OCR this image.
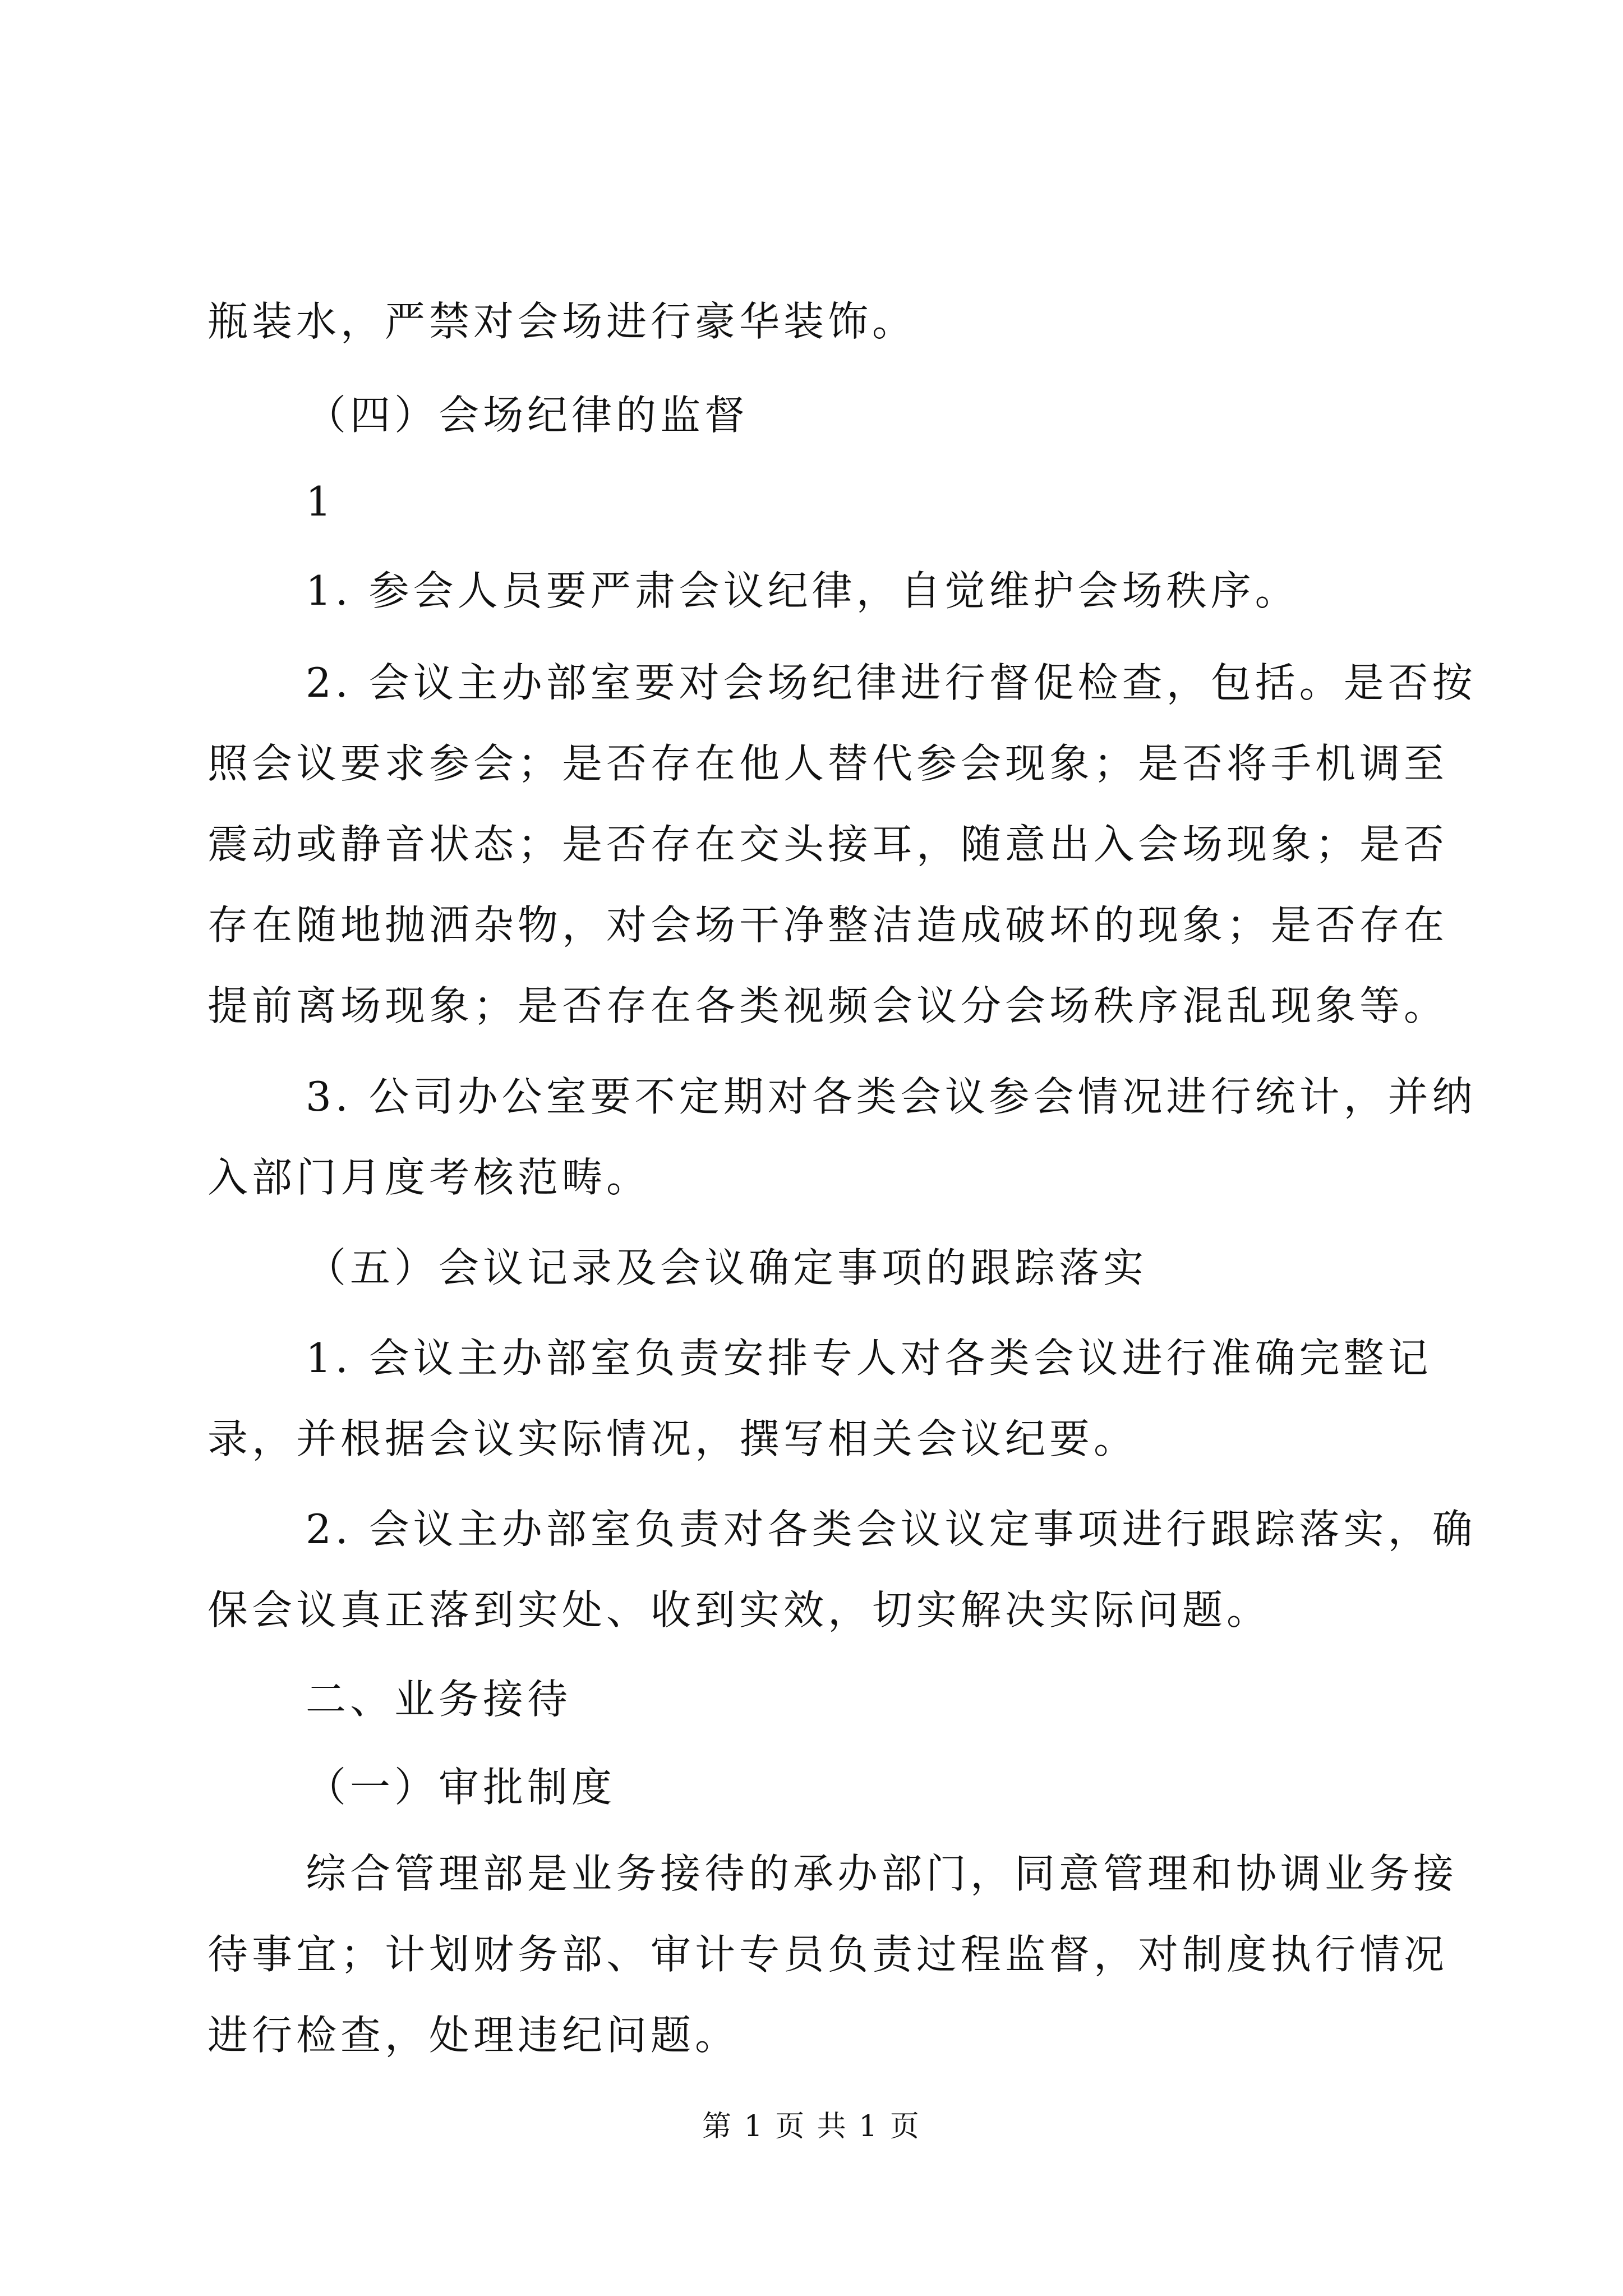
瓶装水，严禁对会场进行豪华装饰。
（四）会场纪律的监督
1
1. 参会人员要严肃会议纪律，自觉维护会场秩序。
2. 会议主办部室要对会场纪律进行督促检查，包括。是否按
照会议要求参会；是否存在他人替代参会现象；是否将手机调至
震动或静音状态；是否存在交头接耳，随意出入会场现象；是否
存在随地抛洒杂物，对会场干净整洁造成破坏的现象；是否存在
提前离场现象；是否存在各类视频会议分会场秩序混乱现象等。
3. 公司办公室要不定期对各类会议参会情况进行统计，并纳
入部门月度考核范畴。
（五）会议记录及会议确定事项的跟踪落实
1. 会议主办部室负责安排专人对各类会议进行准确完整记
录，并根据会议实际情况，撰写相关会议纪要。
2. 会议主办部室负责对各类会议议定事项进行跟踪落实，确
保会议真正落到实处、收到实效，切实解决实际问题。
二、业务接待
（一）审批制度
综合管理部是业务接待的承办部门，同意管理和协调业务接
待事宜；计划财务部、审计专员负责过程监督，对制度执行情况
进行检查，处理违纪问题。
第 1 页 共 1 页
